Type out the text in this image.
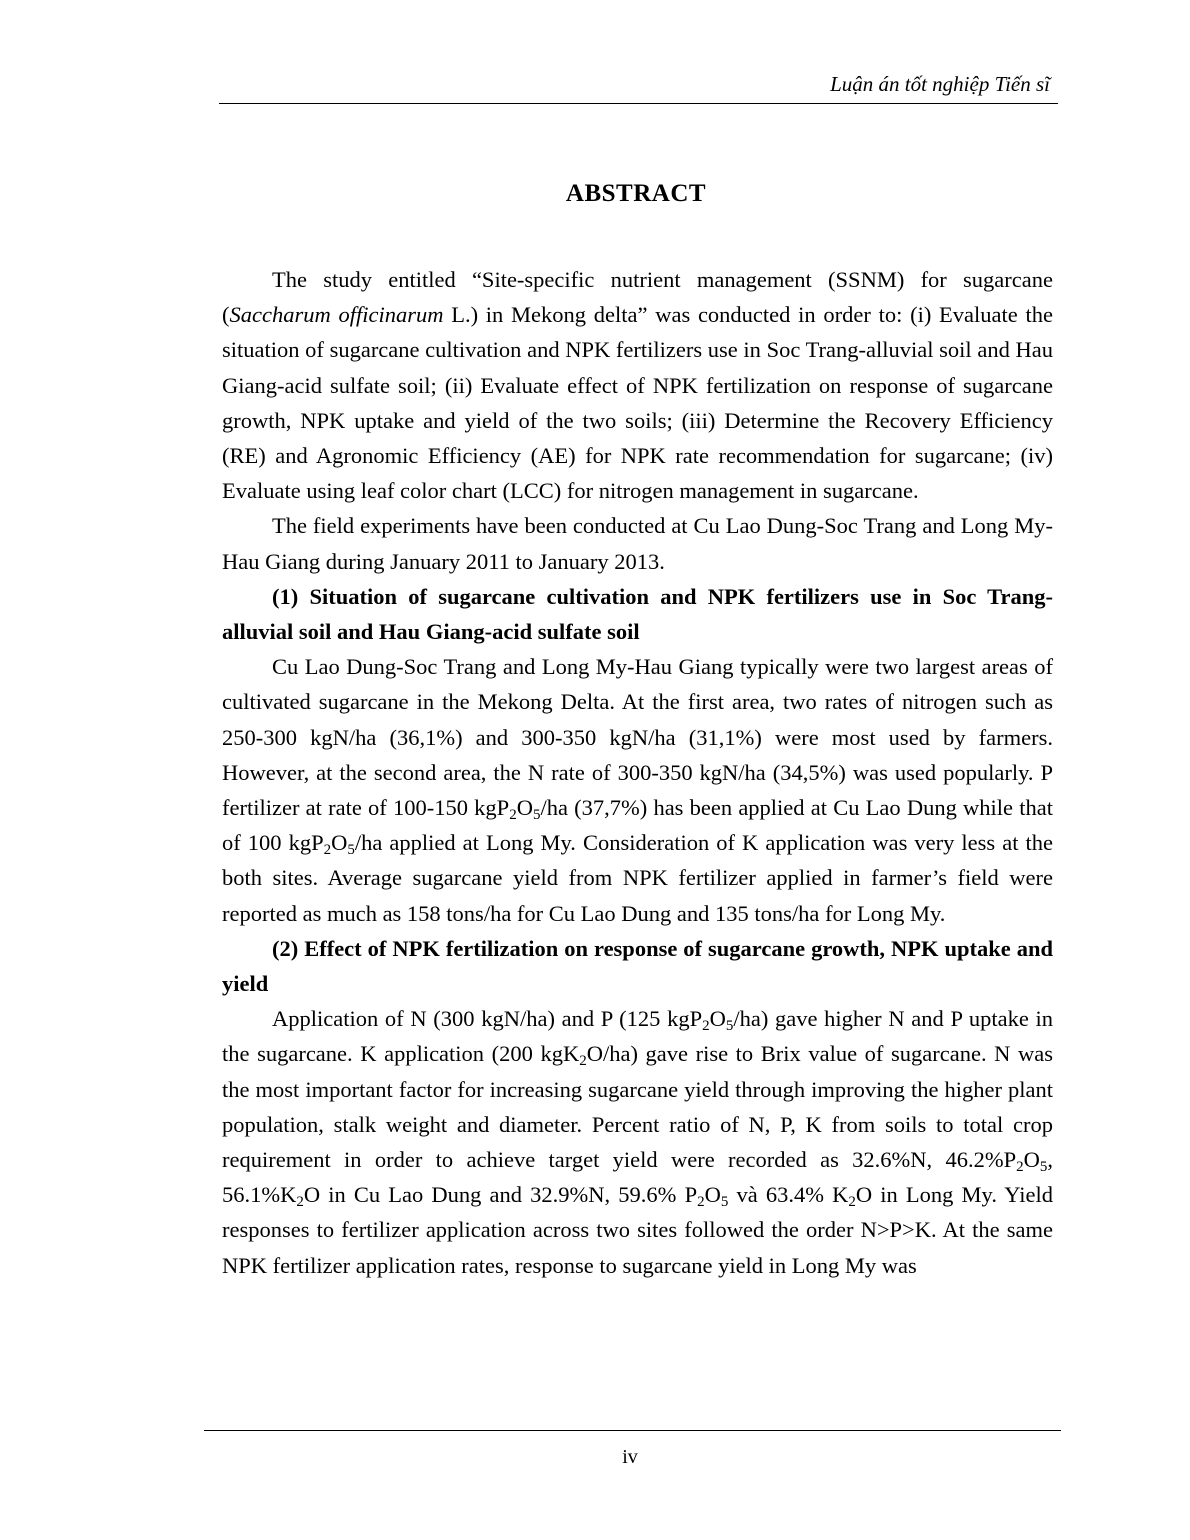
Luận án tốt nghiệp Tiến sĩ
ABSTRACT

The study entitled “Site-specific nutrient management (SSNM) for sugarcane (Saccharum officinarum L.) in Mekong delta” was conducted in order to: (i) Evaluate the situation of sugarcane cultivation and NPK fertilizers use in Soc Trang-alluvial soil and Hau Giang-acid sulfate soil; (ii) Evaluate effect of NPK fertilization on response of sugarcane growth, NPK uptake and yield of the two soils; (iii) Determine the Recovery Efficiency (RE) and Agronomic Efficiency (AE) for NPK rate recommendation for sugarcane; (iv) Evaluate using leaf color chart (LCC) for nitrogen management in sugarcane.

The field experiments have been conducted at Cu Lao Dung-Soc Trang and Long My-Hau Giang during January 2011 to January 2013.

(1) Situation of sugarcane cultivation and NPK fertilizers use in Soc Trang-alluvial soil and Hau Giang-acid sulfate soil

Cu Lao Dung-Soc Trang and Long My-Hau Giang typically were two largest areas of cultivated sugarcane in the Mekong Delta. At the first area, two rates of nitrogen such as 250-300 kgN/ha (36,1%) and 300-350 kgN/ha (31,1%) were most used by farmers. However, at the second area, the N rate of 300-350 kgN/ha (34,5%) was used popularly. P fertilizer at rate of 100-150 $kgP_2O_5/ha$ (37,7%) has been applied at Cu Lao Dung while that of 100 $kgP_2O_5/ha$ applied at Long My. Consideration of K application was very less at the both sites. Average sugarcane yield from NPK fertilizer applied in farmer’s field were reported as much as 158 tons/ha for Cu Lao Dung and 135 tons/ha for Long My.

(2) Effect of NPK fertilization on response of sugarcane growth, NPK uptake and yield

Application of N (300 kgN/ha) and P (125 $kgP_2O_5/ha$) gave higher N and P uptake in the sugarcane. K application (200 kgK$_2$O/ha) gave rise to Brix value of sugarcane. N was the most important factor for increasing sugarcane yield through improving the higher plant population, stalk weight and diameter. Percent ratio of N, P, K from soils to total crop requirement in order to achieve target yield were recorded as 32.6%N, $46.2\%P_2O_5$, $56.1\%K_2O$ in Cu Lao Dung and 32.9%N, 59.6% $P_2O_5$ và 63.4% $K_2O$ in Long My. Yield responses to fertilizer application across two sites followed the order N>P>K. At the same NPK fertilizer application rates, response to sugarcane yield in Long My was

iv
